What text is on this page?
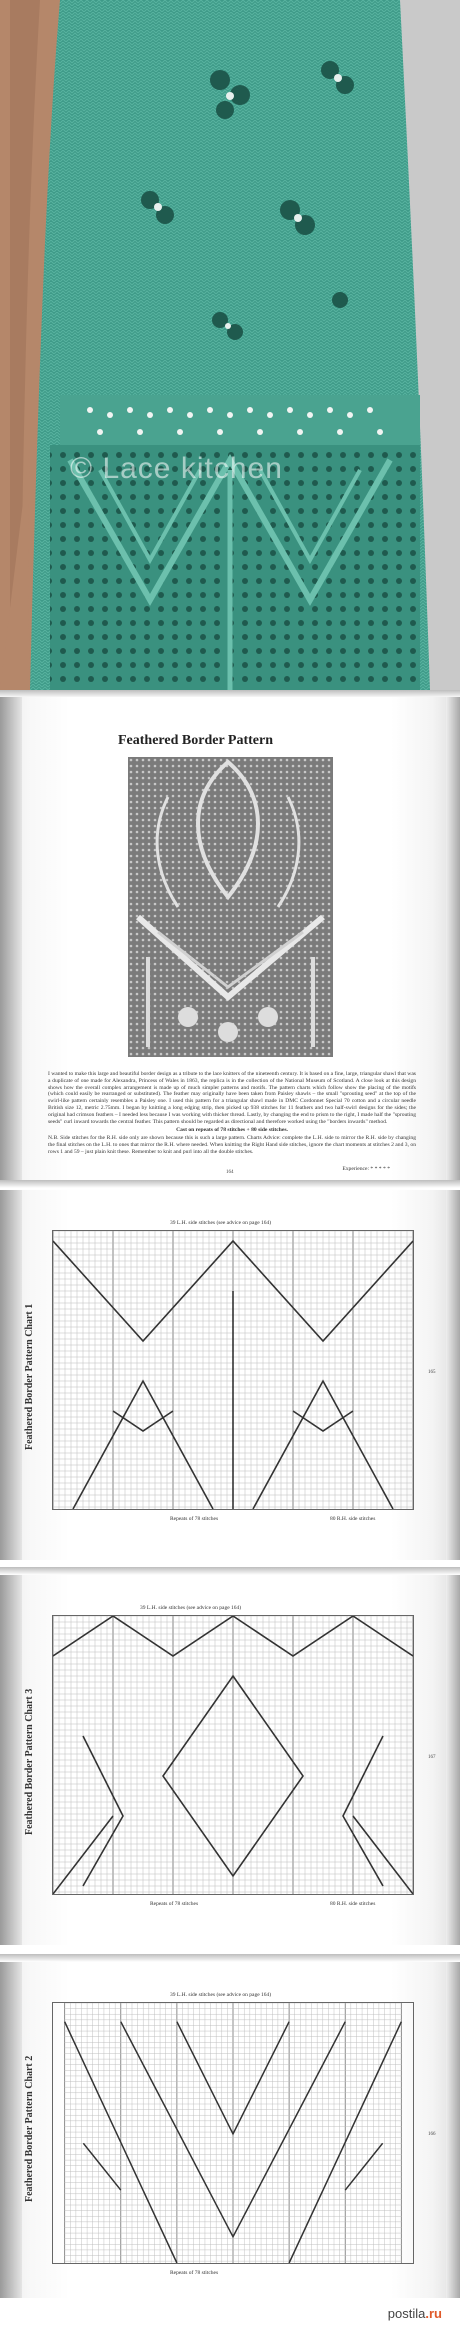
© Lace kitchen
Feathered Border Pattern
I wanted to make this large and beautiful border design as a tribute to the lace knitters of the nineteenth century. It is based on a fine, large, triangular shawl that was a duplicate of one made for Alexandra, Princess of Wales in 1863, the replica is in the collection of the National Museum of Scotland. A close look at this design shows how the overall complex arrangement is made up of much simpler patterns and motifs. The pattern charts which follow show the placing of the motifs (which could easily be rearranged or substituted). The feather may originally have been taken from Paisley shawls – the small "sprouting seed" at the top of the swirl-like pattern certainly resembles a Paisley one. I used this pattern for a triangular shawl made in DMC Cordonnet Special 70 cotton and a circular needle British size 12, metric 2.75mm. I began by knitting a long edging strip, then picked up 938 stitches for 11 feathers and two half-swirl designs for the sides; the original had crimson feathers – I needed less because I was working with thicker thread. Lastly, by changing the end to prism to the right, I made half the "sprouting seeds" curl inward towards the central feather. This pattern should be regarded as directional and therefore worked using the "borders inwards" method.
Cast on repeats of 78 stitches + 80 side stitches.
N.B. Side stitches for the R.H. side only are shown because this is such a large pattern. Charts Advice: complete the L.H. side to mirror the R.H. side by changing the final stitches on the L.H. to ones that mirror the R.H. where needed. When knitting the Right Hand side stitches, ignore the chart moments at stitches 2 and 3, on rows 1 and 59 – just plain knit these. Remember to knit and purl into all the double stitches.
Experience: * * * * *
164
Feathered Border Pattern Chart 1
39 L.H. side stitches (see advice on page 164)
Repeats of 78 stitches	80 R.H. side stitches
165
Feathered Border Pattern Chart 3
39 L.H. side stitches (see advice on page 164)
Repeats of 78 stitches	80 R.H. side stitches
167
Feathered Border Pattern Chart 2
39 L.H. side stitches (see advice on page 164)
Repeats of 78 stitches
166
postila.ru
